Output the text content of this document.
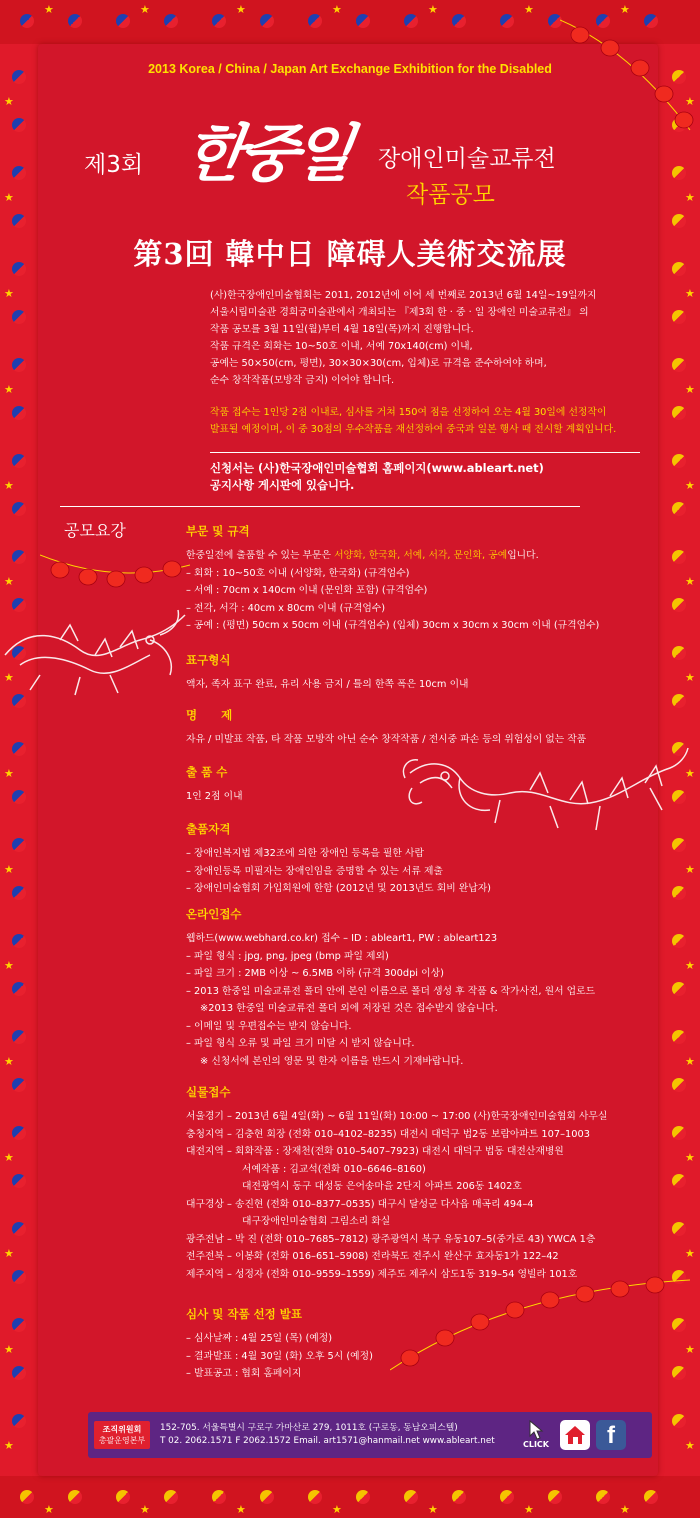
★
★
★
★
★
★
★
★
★
★
★
★
★
★
★	★
★	★
★	★
★	★
★	★
★	★
★	★
★	★
★	★
★	★
★	★
★	★
★	★
★	★
★	★
2013 Korea / China / Japan Art Exchange Exhibition for the Disabled
제3회 한중일 장애인미술교류전
작품공모
第3回 韓中日 障碍人美術交流展
(사)한국장애인미술협회는 2011, 2012년에 이어 세 번째로 2013년 6월 14일~19일까지
서울시립미술관 경희궁미술관에서 개최되는 『제3회 한 · 중 · 일 장애인 미술교류전』 의
작품 공모를 3월 11일(월)부터 4월 18일(목)까지 진행합니다.
작품 규격은 회화는 10~50호 이내, 서예 70x140(cm) 이내,
공예는 50×50(cm, 평면), 30×30×30(cm, 입체)로 규격을 준수하여야 하며,
순수 창작작품(모방작 금지) 이어야 합니다.
작품 접수는 1인당 2점 이내로, 심사를 거쳐 150여 점을 선정하여 오는 4월 30일에 선정작이
발표될 예정이며, 이 중 30점의 우수작품을 재선정하여 중국과 일본 행사 때 전시할 계획입니다.
신청서는 (사)한국장애인미술협회 홈페이지(www.ableart.net)
공지사항 게시판에 있습니다.
공모요강	부문 및 규격
한중일전에 출품할 수 있는 부문은 서양화, 한국화, 서예, 서각, 문인화, 공예입니다.
– 회화 : 10~50호 이내 (서양화, 한국화) (규격엄수)
– 서예 : 70cm x 140cm 이내 (문인화 포함) (규격엄수)
– 전각, 서각 : 40cm x 80cm 이내 (규격엄수)
– 공예 : (평면) 50cm x 50cm 이내 (규격엄수) (입체) 30cm x 30cm x 30cm 이내 (규격엄수)
표구형식
액자, 족자 표구 완료, 유리 사용 금지 / 틀의 한쪽 폭은 10cm 이내
명      제
자유 / 미발표 작품, 타 작품 모방작 아닌 순수 창작작품 / 전시중 파손 등의 위험성이 없는 작품
출 품 수
1인 2점 이내
출품자격
– 장애인복지법 제32조에 의한 장애인 등록을 필한 사람
– 장애인등록 미필자는 장애인임을 증명할 수 있는 서류 제출
– 장애인미술협회 가입회원에 한함 (2012년 및 2013년도 회비 완납자)
온라인접수
웹하드(www.webhard.co.kr) 접수 – ID : ableart1, PW : ableart123
– 파일 형식 : jpg, png, jpeg (bmp 파일 제외)
– 파일 크기 : 2MB 이상 ~ 6.5MB 이하 (규격 300dpi 이상)
– 2013 한중일 미술교류전 폴더 안에 본인 이름으로 폴더 생성 후 작품 & 작가사진, 원서 업로드
※2013 한중일 미술교류전 폴더 외에 저장된 것은 접수받지 않습니다.
– 이메일 및 우편접수는 받지 않습니다.
– 파일 형식 오류 및 파일 크기 미달 시 받지 않습니다.
※ 신청서에 본인의 영문 및 한자 이름을 반드시 기재바랍니다.
실물접수
서울경기 – 2013년 6월 4일(화) ~ 6월 11일(화) 10:00 ~ 17:00 (사)한국장애인미술협회 사무실
충청지역 – 김충현 회장 (전화 010–4102–8235) 대전시 대덕구 법2동 보람아파트 107–1003
대전지역 – 회화작품 : 장재천(전화 010–5407–7923) 대전시 대덕구 법동 대전산재병원
서예작품 : 김교석(전화 010–6646–8160)
대전광역시 동구 대성동 은어송마을 2단지 아파트 206동 1402호
대구경상 – 송진현 (전화 010–8377–0535) 대구시 달성군 다사읍 매곡리 494–4
대구장애인미술협회 그림소리 화실
광주전남 – 박 진 (전화 010–7685–7812) 광주광역시 북구 유동107–5(중가로 43) YWCA 1층
전주전북 – 이봉화 (전화 016–651–5908) 전라북도 전주시 완산구 효자동1가 122–42
제주지역 – 성정자 (전화 010–9559–1559) 제주도 제주시 삼도1동 319–54 영빌라 101호
심사 및 작품 선정 발표
– 심사날짜 : 4월 25일 (목) (예정)
– 결과발표 : 4월 30일 (화) 오후 5시 (예정)
– 발표공고 : 협회 홈페이지
조직위원회
총괄운영본부
152-705. 서울특별시 구로구 가마산로 279, 1011호 (구로동, 동남오피스텔)
T 02. 2062.1571 F 2062.1572 Email. art1571@hanmail.net www.ableart.net	CLICK	f
